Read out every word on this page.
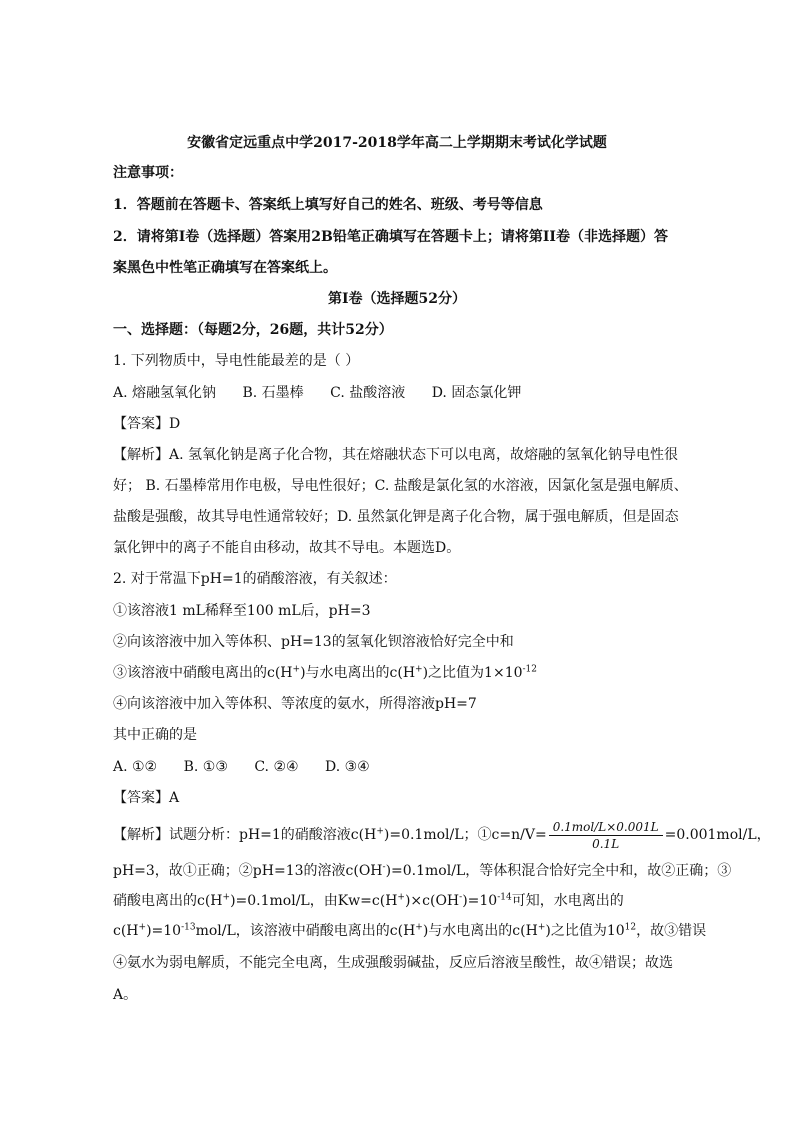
安徽省定远重点中学2017-2018学年高二上学期期末考试化学试题
注意事项：
1．答题前在答题卡、答案纸上填写好自己的姓名、班级、考号等信息
2．请将第I卷（选择题）答案用2B铅笔正确填写在答题卡上；请将第II卷（非选择题）答
案黑色中性笔正确填写在答案纸上。
第I卷（选择题52分）
一、选择题：（每题2分，26题，共计52分）
1. 下列物质中，导电性能最差的是（ ）
A. 熔融氢氧化钠 B. 石墨棒 C. 盐酸溶液 D. 固态氯化钾
【答案】D
【解析】A. 氢氧化钠是离子化合物，其在熔融状态下可以电离，故熔融的氢氧化钠导电性很
好； B. 石墨棒常用作电极，导电性很好；C. 盐酸是氯化氢的水溶液，因氯化氢是强电解质、
盐酸是强酸，故其导电性通常较好；D. 虽然氯化钾是离子化合物，属于强电解质，但是固态
氯化钾中的离子不能自由移动，故其不导电。本题选D。
2. 对于常温下pH=1的硝酸溶液，有关叙述：
①该溶液1 mL稀释至100 mL后，pH=3
②向该溶液中加入等体积、pH=13的氢氧化钡溶液恰好完全中和
③该溶液中硝酸电离出的c(H+)与水电离出的c(H+)之比值为$1\times 10^{-12}$
④向该溶液中加入等体积、等浓度的氨水，所得溶液pH=7
其中正确的是
A. ①② B. ①③ C. ②④ D. ③④
【答案】A
【解析】试题分析：pH=1的硝酸溶液c(H+)=0.1mol/L；①c=n/V= $\frac{\text{0.1mol/L×0.001L}}{0.1L} =0.001mol/L$，
pH=3，故①正确；②pH=13的溶液c(OH-)=0.1mol/L，等体积混合恰好完全中和，故②正确；③
硝酸电离出的c(H+)=0.1mol/L，由$Kw=c(H^+)\times c(OH^-)=10^{-14}$可知，水电离出的
$c(H^+)=10^{-13}mol/L$，该溶液中硝酸电离出的c(H+)与水电离出的c(H+)之比值为$10^{12}$，故③错误
④氨水为弱电解质，不能完全电离，生成强酸弱碱盐，反应后溶液呈酸性，故④错误；故选
A。
